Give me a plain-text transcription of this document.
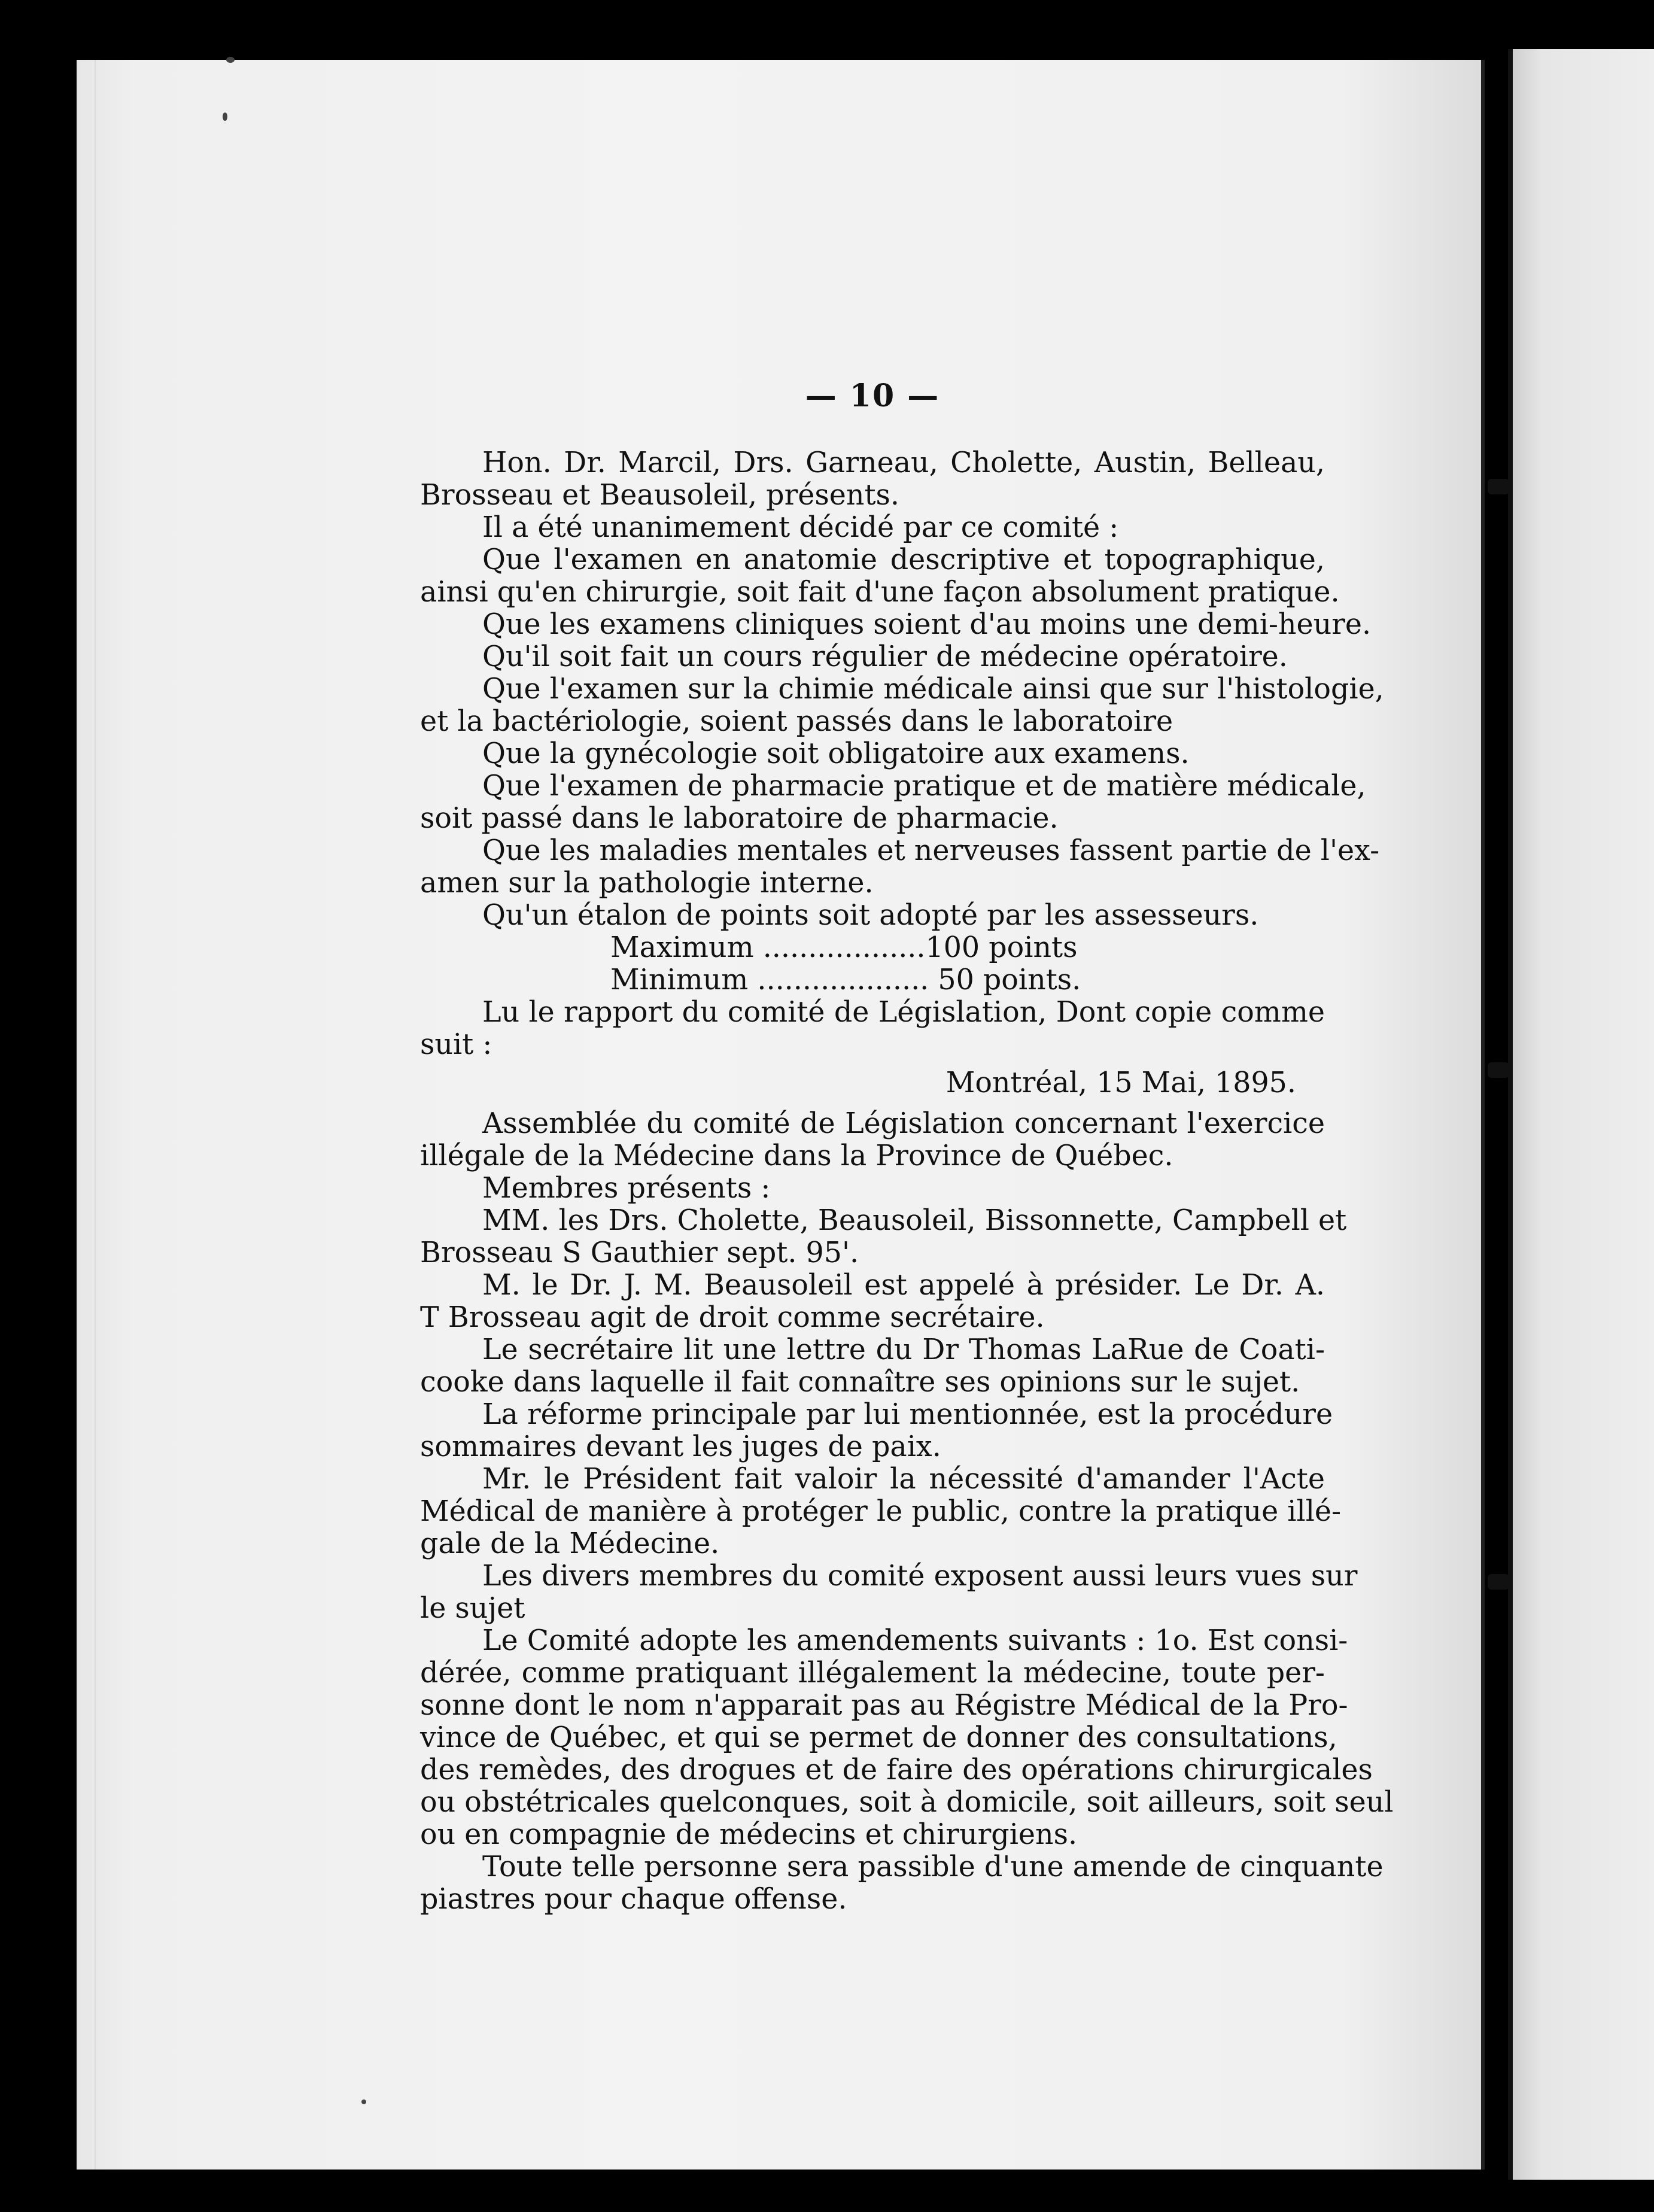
— 10 —
Hon. Dr. Marcil, Drs. Garneau, Cholette, Austin, Belleau,
Brosseau et Beausoleil, présents.
Il a été unanimement décidé par ce comité :
Que l'examen en anatomie descriptive et topographique,
ainsi qu'en chirurgie, soit fait d'une façon absolument pratique.
Que les examens cliniques soient d'au moins une demi-heure.
Qu'il soit fait un cours régulier de médecine opératoire.
Que l'examen sur la chimie médicale ainsi que sur l'histologie,
et la bactériologie, soient passés dans le laboratoire
Que la gynécologie soit obligatoire aux examens.
Que l'examen de pharmacie pratique et de matière médicale,
soit passé dans le laboratoire de pharmacie.
Que les maladies mentales et nerveuses fassent partie de l'ex-
amen sur la pathologie interne.
Qu'un étalon de points soit adopté par les assesseurs.
Maximum ..................100 points
Minimum ................... 50 points.
Lu le rapport du comité de Législation, Dont copie comme
suit :
Montréal, 15 Mai, 1895.
Assemblée du comité de Législation concernant l'exercice
illégale de la Médecine dans la Province de Québec.
Membres présents :
MM. les Drs. Cholette, Beausoleil, Bissonnette, Campbell et
Brosseau S Gauthier sept. 95'.
M. le Dr. J. M. Beausoleil est appelé à présider. Le Dr. A.
T Brosseau agit de droit comme secrétaire.
Le secrétaire lit une lettre du Dr Thomas LaRue de Coati-
cooke dans laquelle il fait connaître ses opinions sur le sujet.
La réforme principale par lui mentionnée, est la procédure
sommaires devant les juges de paix.
Mr. le Président fait valoir la nécessité d'amander l'Acte
Médical de manière à protéger le public, contre la pratique illé-
gale de la Médecine.
Les divers membres du comité exposent aussi leurs vues sur
le sujet
Le Comité adopte les amendements suivants : 1o. Est consi-
dérée, comme pratiquant illégalement la médecine, toute per-
sonne dont le nom n'apparait pas au Régistre Médical de la Pro-
vince de Québec, et qui se permet de donner des consultations,
des remèdes, des drogues et de faire des opérations chirurgicales
ou obstétricales quelconques, soit à domicile, soit ailleurs, soit seul
ou en compagnie de médecins et chirurgiens.
Toute telle personne sera passible d'une amende de cinquante
piastres pour chaque offense.
